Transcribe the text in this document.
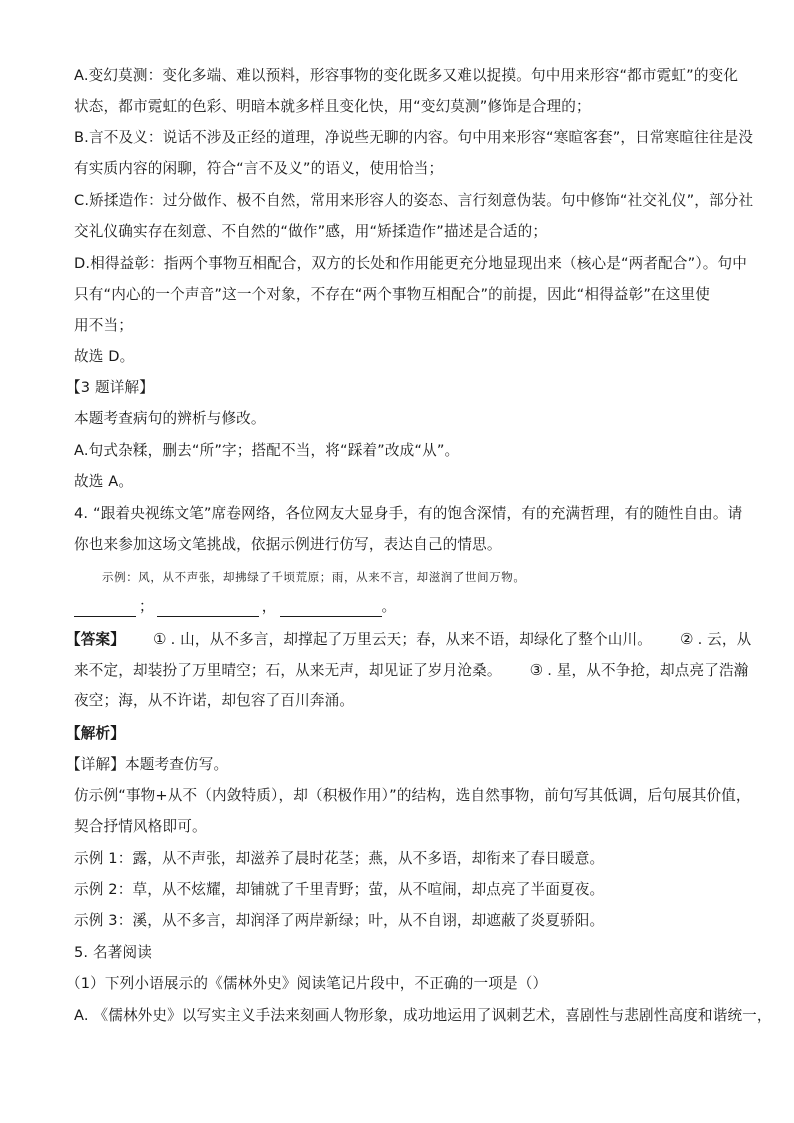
A.变幻莫测：变化多端、难以预料，形容事物的变化既多又难以捉摸。句中用来形容“都市霓虹”的变化
状态，都市霓虹的色彩、明暗本就多样且变化快，用“变幻莫测”修饰是合理的；
B.言不及义：说话不涉及正经的道理，净说些无聊的内容。句中用来形容“寒暄客套”，日常寒暄往往是没
有实质内容的闲聊，符合“言不及义”的语义，使用恰当；
C.矫揉造作：过分做作、极不自然，常用来形容人的姿态、言行刻意伪装。句中修饰“社交礼仪”，部分社
交礼仪确实存在刻意、不自然的“做作”感，用“矫揉造作”描述是合适的；
D.相得益彰：指两个事物互相配合，双方的长处和作用能更充分地显现出来（核心是“两者配合”）。句中
只有“内心的一个声音”这一个对象，不存在“两个事物互相配合”的前提，因此“相得益彰”在这里使
用不当；
故选 D。
【3 题详解】
本题考查病句的辨析与修改。
A.句式杂糅，删去“所”字；搭配不当，将“踩着”改成“从”。
故选 A。
4. “跟着央视练文笔”席卷网络，各位网友大显身手，有的饱含深情，有的充满哲理，有的随性自由。请
你也来参加这场文笔挑战，依据示例进行仿写，表达自己的情思。
示例：风，从不声张，却拂绿了千顷荒原；雨，从来不言，却滋润了世间万物。
；	，	。
【答案】 ① . 山，从不多言，却撑起了万里云天；春，从来不语，却绿化了整个山川。 ② . 云，从
来不定，却装扮了万里晴空；石，从来无声，却见证了岁月沧桑。 ③ . 星，从不争抢，却点亮了浩瀚
夜空；海，从不许诺，却包容了百川奔涌。
【解析】
【详解】本题考查仿写。
仿示例“事物+从不（内敛特质），却（积极作用）”的结构，选自然事物，前句写其低调，后句展其价值，
契合抒情风格即可。
示例 1：露，从不声张，却滋养了晨时花茎；燕，从不多语，却衔来了春日暖意。
示例 2：草，从不炫耀，却铺就了千里青野；萤，从不喧闹，却点亮了半面夏夜。
示例 3：溪，从不多言，却润泽了两岸新绿；叶，从不自诩，却遮蔽了炎夏骄阳。
5. 名著阅读
（1）下列小语展示的《儒林外史》阅读笔记片段中，不正确的一项是（）
A. 《儒林外史》以写实主义手法来刻画人物形象，成功地运用了讽刺艺术，喜剧性与悲剧性高度和谐统一，
